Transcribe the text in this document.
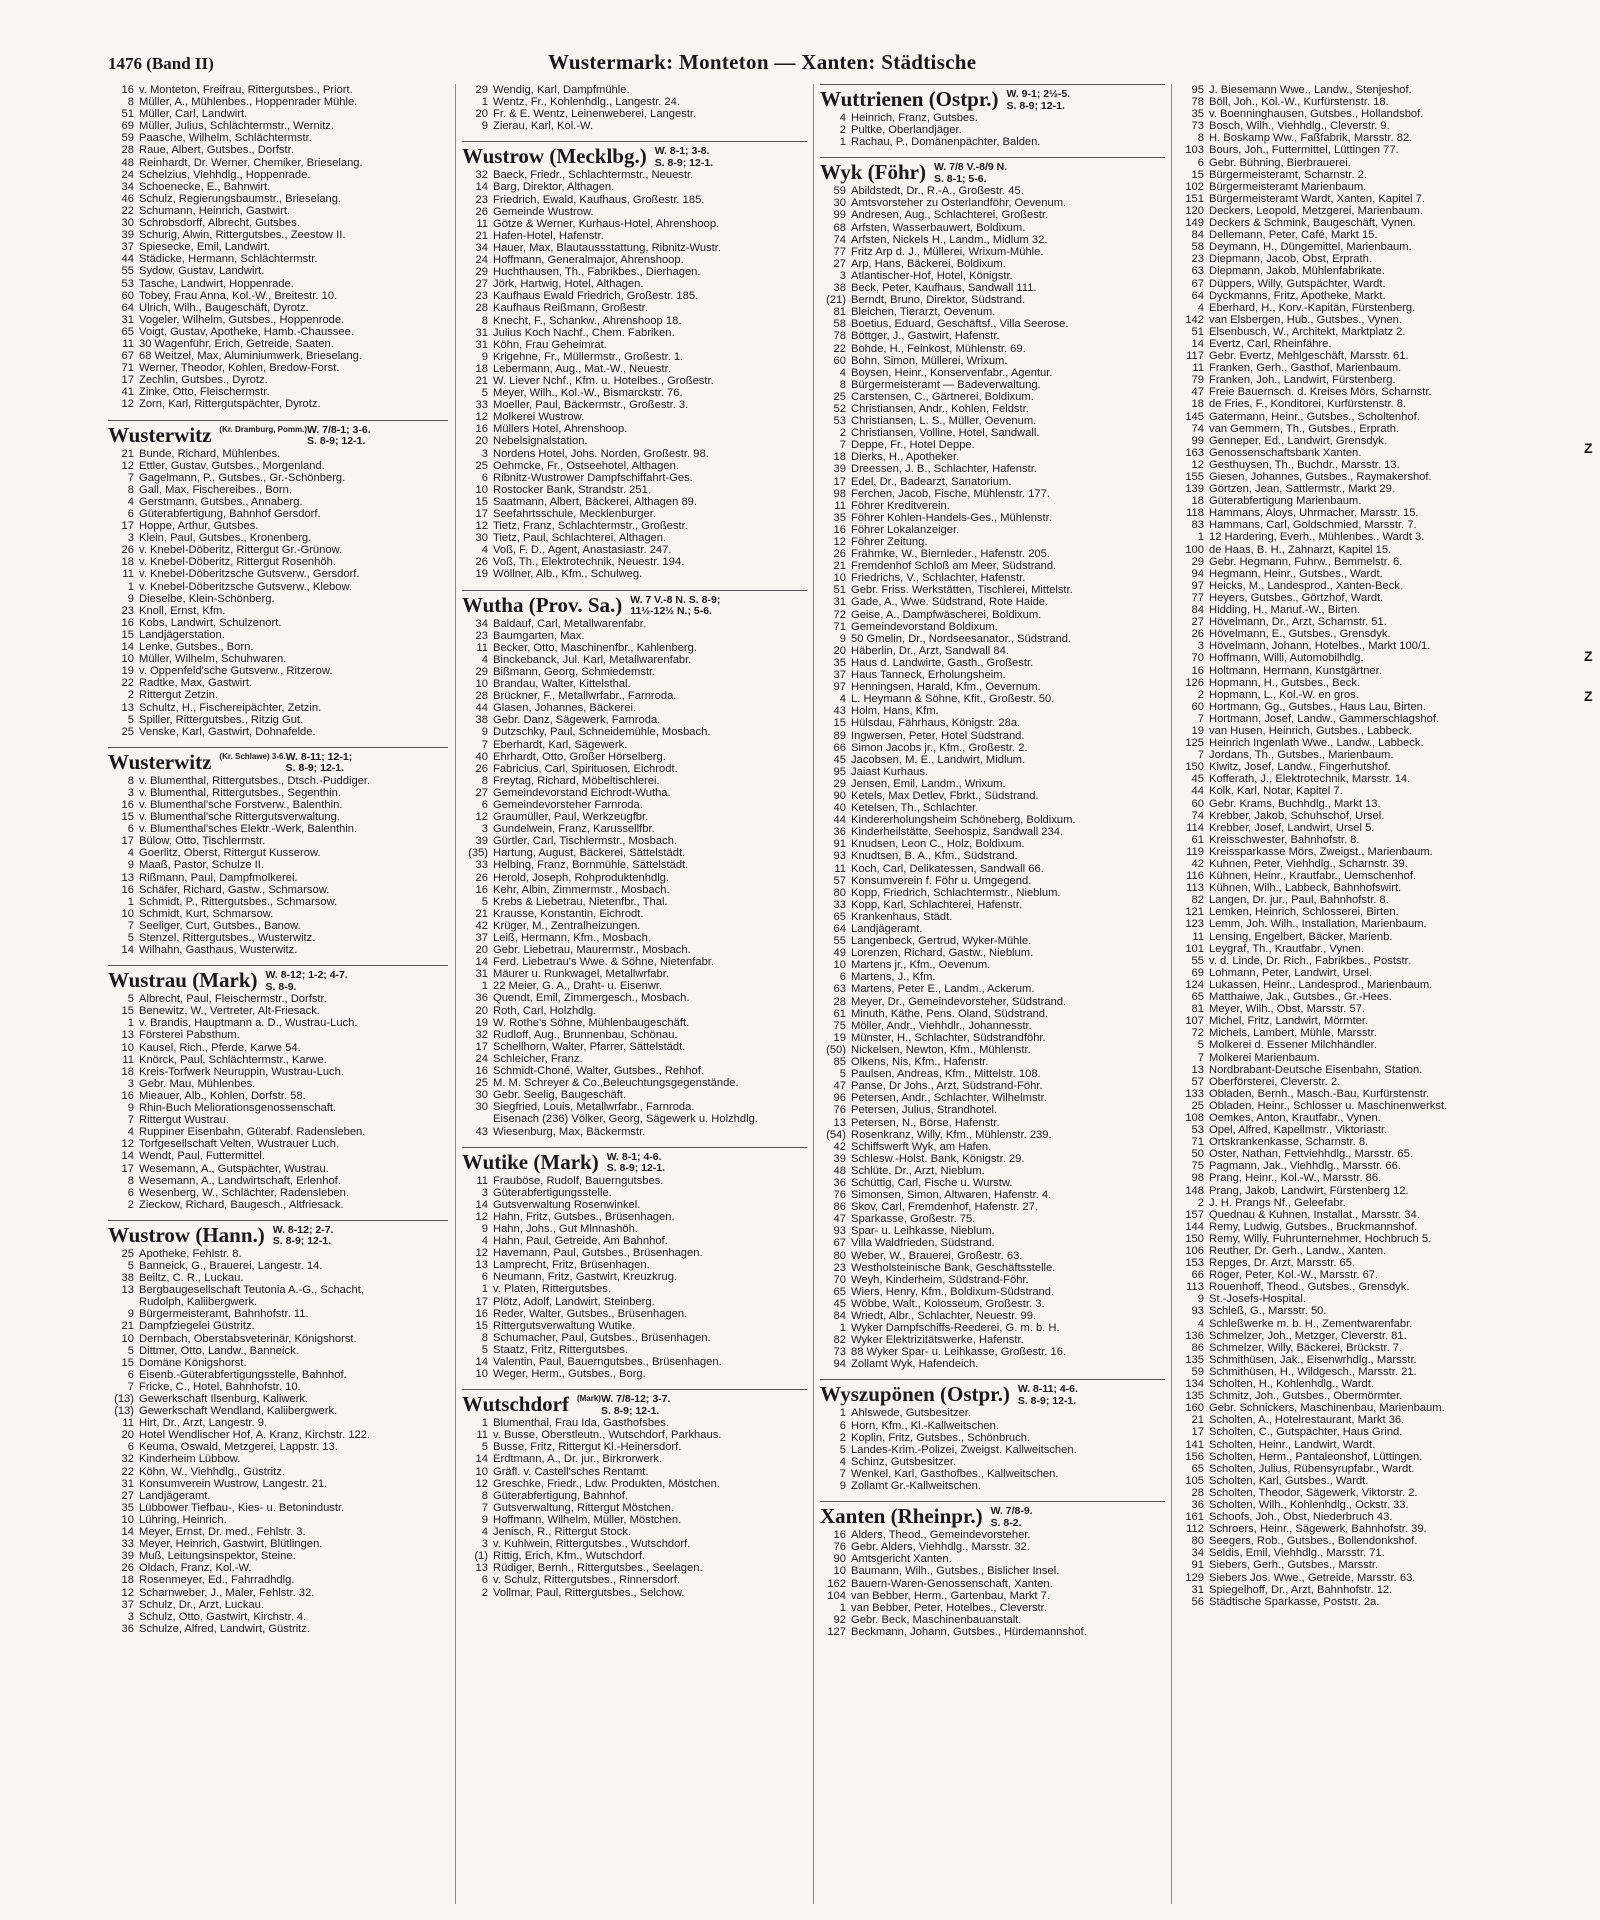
1476 (Band II)	Wustermark: Monteton — Xanten: Städtische
16 v. Monteton, Freifrau, Rittergutsbes., Priort.
8 Müller, A., Mühlenbes., Hoppenrader Mühle.
51 Müller, Carl, Landwirt.
69 Müller, Julius, Schlächtermstr., Wernitz.
59 Paasche, Wilhelm, Schlächtermstr.
28 Raue, Albert, Gutsbes., Dorfstr.
48 Reinhardt, Dr. Werner, Chemiker, Brieselang.
24 Schelzius, Viehhdlg., Hoppenrade.
34 Schoenecke, E., Bahnwirt.
46 Schulz, Regierungsbaumstr., Brieselang.
22 Schumann, Heinrich, Gastwirt.
30 Schrobsdorff, Albrecht, Gutsbes.
39 Schurig, Alwin, Rittergutsbes., Zeestow II.
37 Spiesecke, Emil, Landwirt.
44 Städicke, Hermann, Schlächtermstr.
55 Sydow, Gustav, Landwirt.
53 Tasche, Landwirt, Hoppenrade.
60 Tobey, Frau Anna, Kol.-W., Breitestr. 10.
64 Ulrich, Wilh., Baugeschäft, Dyrotz.
31 Vogeler, Wilhelm, Gutsbes., Hoppenrode.
65 Voigt, Gustav, Apotheke, Hamb.-Chaussee.
11 30 Wagenführ, Erich, Getreide, Saaten.
67 68 Weitzel, Max, Aluminiumwerk, Brieselang.
71 Werner, Theodor, Kohlen, Bredow-Forst.
17 Zechlin, Gutsbes., Dyrotz.
41 Zinke, Otto, Fleischermstr.
12 Zorn, Karl, Rittergutspächter, Dyrotz.
Wusterwitz (Kr. Dramburg, Pomm.) W. 7/8-1; 3-6.
S. 8-9; 12-1.
21 Bunde, Richard, Mühlenbes.
12 Ettler, Gustav, Gutsbes., Morgenland.
7 Gagelmann, P., Gutsbes., Gr.-Schönberg.
8 Gall, Max, Fischereibes., Born.
4 Gerstmann, Gutsbes., Annaberg.
6 Güterabfertigung, Bahnhof Gersdorf.
17 Hoppe, Arthur, Gutsbes.
3 Klein, Paul, Gutsbes., Kronenberg.
26 v. Knebel-Döberitz, Rittergut Gr.-Grünow.
18 v. Knebel-Döberitz, Rittergut Rosenhöh.
11 v. Knebel-Döberitzsche Gutsverw., Gersdorf.
1 v. Knebel-Döberitzsche Gutsverw., Klebow.
9 Dieselbe, Klein-Schönberg.
23 Knoll, Ernst, Kfm.
16 Kobs, Landwirt, Schulzenort.
15 Landjägerstation.
14 Lenke, Gutsbes., Born.
10 Müller, Wilhelm, Schuhwaren.
19 v. Oppenfeld'sche Gutsverw., Ritzerow.
22 Radtke, Max, Gastwirt.
2 Rittergut Zetzin.
13 Schultz, H., Fischereipächter, Zetzin.
5 Spiller, Rittergutsbes., Ritzig Gut.
25 Venske, Karl, Gastwirt, Dohnafelde.
Wusterwitz (Kr. Schlawe) 3-6. W. 8-11; 12-1;
S. 8-9; 12-1.
8 v. Blumenthal, Rittergutsbes., Dtsch.-Puddiger.
3 v. Blumenthal, Rittergutsbes., Segenthin.
16 v. Blumenthal'sche Forstverw., Balenthin.
15 v. Blumenthal'sche Rittergutsverwaltung.
6 v. Blumenthal'sches Elektr.-Werk, Balenthin.
17 Bülow, Otto, Tischlermstr.
4 Goerlitz, Oberst, Rittergut Kusserow.
9 Maaß, Pastor, Schulze II.
13 Rißmann, Paul, Dampfmolkerei.
16 Schäfer, Richard, Gastw., Schmarsow.
1 Schmidt, P., Rittergutsbes., Schmarsow.
10 Schmidt, Kurt, Schmarsow.
7 Seeliger, Curt, Gutsbes., Banow.
5 Stenzel, Rittergutsbes., Wusterwitz.
14 Wilhahn, Gasthaus, Wusterwitz.
Wustrau (Mark) W. 8-12; 1-2; 4-7.
S. 8-9.
5 Albrecht, Paul, Fleischermstr., Dorfstr.
15 Benewitz, W., Vertreter, Alt-Friesack.
1 v. Brandis, Hauptmann a. D., Wustrau-Luch.
13 Försterei Pabsthum.
10 Kausel, Rich., Pferde, Karwe 54.
11 Knörck, Paul, Schlächtermstr., Karwe.
18 Kreis-Torfwerk Neuruppin, Wustrau-Luch.
3 Gebr. Mau, Mühlenbes.
16 Mieauer, Alb., Kohlen, Dorfstr. 58.
9 Rhin-Buch Meliorationsgenossenschaft.
7 Rittergut Wustrau.
4 Ruppiner Eisenbahn, Güterabf. Radensleben.
12 Torfgesellschaft Velten, Wustrauer Luch.
14 Wendt, Paul, Futtermittel.
17 Wesemann, A., Gutspächter, Wustrau.
8 Wesemann, A., Landwirtschaft, Erlenhof.
6 Wesenberg, W., Schlächter, Radensleben.
2 Zieckow, Richard, Baugesch., Altfriesack.
Wustrow (Hann.) W. 8-12; 2-7.
S. 8-9; 12-1.
25 Apotheke, Fehlstr. 8.
5 Banneick, G., Brauerei, Langestr. 14.
38 Beiltz, C. R., Luckau.
13 Bergbaugesellschaft Teutonia A.-G., Schacht,
Rudolph, Kaliibergwerk.
9 Bürgermeisteramt, Bahnhofstr. 11.
21 Dampfziegelei Güstritz.
10 Dernbach, Oberstabsveterinär, Königshorst.
5 Dittmer, Otto, Landw., Banneick.
15 Domäne Königshorst.
6 Eisenb.-Güterabfertigungsstelle, Bahnhof.
7 Fricke, C., Hotel, Bahnhofstr. 10.
(13) Gewerkschaft Ilsenburg, Kaliwerk.
(13) Gewerkschaft Wendland, Kaliibergwerk.
11 Hirt, Dr., Arzt, Langestr. 9.
20 Hotel Wendlischer Hof, A. Kranz, Kirchstr. 122.
6 Keuma, Oswald, Metzgerei, Lappstr. 13.
32 Kinderheim Lübbow.
22 Köhn, W., Viehhdlg., Güstritz.
31 Konsumverein Wustrow, Langestr. 21.
27 Landjägeramt.
35 Lübbower Tiefbau-, Kies- u. Betonindustr.
10 Lühring, Heinrich.
14 Meyer, Ernst, Dr. med., Fehlstr. 3.
33 Meyer, Heinrich, Gastwirt, Blütlingen.
39 Muß, Leitungsinspektor, Steine.
26 Oldach, Franz, Kol.-W.
18 Rosenmeyer, Ed., Fahrradhdlg.
12 Scharnweber, J., Maler, Fehlstr. 32.
37 Schulz, Dr., Arzt, Luckau.
3 Schulz, Otto, Gastwirt, Kirchstr. 4.
36 Schulze, Alfred, Landwirt, Güstritz.
29 Wendig, Karl, Dampfmühle.
1 Wentz, Fr., Kohlenhdlg., Langestr. 24.
20 Fr. & E. Wentz, Leinenweberei, Langestr.
9 Zierau, Karl, Kol.-W.
Wustrow (Mecklbg.) W. 8-1; 3-8.
S. 8-9; 12-1.
32 Baeck, Friedr., Schlachtermstr., Neuestr.
14 Barg, Direktor, Althagen.
23 Friedrich, Ewald, Kaufhaus, Großestr. 185.
26 Gemeinde Wustrow.
11 Götze & Werner, Kurhaus-Hotel, Ahrenshoop.
21 Hafen-Hotel, Hafenstr.
34 Hauer, Max, Blautaussstattung, Ribnitz-Wustr.
24 Hoffmann, Generalmajor, Ahrenshoop.
29 Huchthausen, Th., Fabrikbes., Dierhagen.
27 Jörk, Hartwig, Hotel, Althagen.
23 Kaufhaus Ewald Friedrich, Großestr. 185.
28 Kaufhaus Reißmann, Großestr.
8 Knecht, F., Schankw., Ahrenshoop 18.
31 Julius Koch Nachf., Chem. Fabriken.
31 Köhn, Frau Geheimrat.
9 Krigehne, Fr., Müllermstr., Großestr. 1.
18 Lebermann, Aug., Mat.-W., Neuestr.
21 W. Liever Nchf., Kfm. u. Hotelbes., Großestr.
5 Meyer, Wilh., Kol.-W., Bismarckstr. 76.
33 Moeller, Paul, Bäckermstr., Großestr. 3.
12 Molkerei Wustrow.
16 Müllers Hotel, Ahrenshoop.
20 Nebelsignalstation.
3 Nordens Hotel, Johs. Norden, Großestr. 98.
25 Oehmcke, Fr., Ostseehotel, Althagen.
6 Ribnitz-Wustrower Dampfschiffahrt-Ges.
10 Rostocker Bank, Strandstr. 251.
15 Saatmann, Albert, Bäckerei, Althagen 89.
17 Seefahrtsschule, Mecklenburger.
12 Tietz, Franz, Schlachtermstr., Großestr.
30 Tietz, Paul, Schlachterei, Althagen.
4 Voß, F. D., Agent, Anastasiastr. 247.
26 Voß, Th., Elektrotechnik, Neuestr. 194.
19 Wöllner, Alb., Kfm., Schulweg.
Wutha (Prov. Sa.) W. 7 V.-8 N. S. 8-9;
11½-12½ N.; 5-6.
34 Baldauf, Carl, Metallwarenfabr.
23 Baumgarten, Max.
11 Becker, Otto, Maschinenfbr., Kahlenberg.
4 Binckebanck, Jul. Karl, Metallwarenfabr.
29 Bißmann, Georg, Schmiedemstr.
10 Brandau, Walter, Kittelsthal.
28 Brückner, F., Metallwrfabr., Farnroda.
44 Glasen, Johannes, Bäckerei.
38 Gebr. Danz, Sägewerk, Farnroda.
9 Dutzschky, Paul, Schneidemühle, Mosbach.
7 Eberhardt, Karl, Sägewerk.
40 Ehrhardt, Otto, Großer Hörselberg.
26 Fabricius, Carl, Spirituosen, Eichrodt.
8 Freytag, Richard, Möbeltischlerei.
27 Gemeindevorstand Eichrodt-Wutha.
6 Gemeindevorsteher Farnroda.
12 Graumüller, Paul, Werkzeugfbr.
3 Gundelwein, Franz, Karussellfbr.
39 Gürtler, Carl, Tischlermstr., Mosbach.
(35) Hartung, August, Bäckerei, Sättelstädt.
33 Helbing, Franz, Bornmühle, Sättelstädt.
26 Herold, Joseph, Rohproduktenhdlg.
16 Kehr, Albin, Zimmermstr., Mosbach.
5 Krebs & Liebetrau, Nietenfbr., Thal.
21 Krausse, Konstantin, Eichrodt.
42 Krüger, M., Zentralheizungen.
37 Leiß, Hermann, Kfm., Mosbach.
20 Gebr. Liebetrau, Maurermstr., Mosbach.
14 Ferd. Liebetrau's Wwe. & Söhne, Nietenfabr.
31 Mäurer u. Runkwagel, Metallwrfabr.
1 22 Meier, G. A., Draht- u. Eisenwr.
36 Quendt, Emil, Zimmergesch., Mosbach.
20 Roth, Carl, Holzhdlg.
19 W. Rothe's Söhne, Mühlenbaugeschäft.
32 Rudloff, Aug., Brunnenbau, Schönau.
17 Schellhorn, Walter, Pfarrer, Sättelstädt.
24 Schleicher, Franz.
16 Schmidt-Choné, Walter, Gutsbes., Rehhof.
25 M. M. Schreyer & Co.,Beleuchtungsgegenstände.
30 Gebr. Seelig, Baugeschäft.
30 Siegfried, Louis, Metallwrfabr., Farnroda.
Eisenach (236) Völker, Georg, Sägewerk u. Holzhdlg.
43 Wiesenburg, Max, Bäckermstr.
Wutike (Mark) W. 8-1; 4-6.
S. 8-9; 12-1.
11 Frauböse, Rudolf, Bauerngutsbes.
3 Güterabfertigungsstelle.
14 Gutsverwaltung Rosenwinkel.
12 Hahn, Fritz, Gutsbes., Brüsenhagen.
9 Hahn, Johs., Gut Mlnnashöh.
4 Hahn, Paul, Getreide, Am Bahnhof.
12 Havemann, Paul, Gutsbes., Brüsenhagen.
13 Lamprecht, Fritz, Brüsenhagen.
6 Neumann, Fritz, Gastwirt, Kreuzkrug.
1 v. Platen, Rittergutsbes.
17 Plötz, Adolf, Landwirt, Steinberg.
16 Reder, Walter, Gutsbes., Brüsenhagen.
15 Rittergutsverwaltung Wutike.
8 Schumacher, Paul, Gutsbes., Brüsenhagen.
5 Staatz, Fritz, Rittergutsbes.
14 Valentin, Paul, Bauerngutsbes., Brüsenhagen.
10 Weger, Herm., Gutsbes., Borg.
Wutschdorf (Mark) W. 7/8-12; 3-7.
S. 8-9; 12-1.
1 Blumenthal, Frau Ida, Gasthofsbes.
11 v. Busse, Oberstleutn., Wutschdorf, Parkhaus.
5 Busse, Fritz, Rittergut Kl.-Heinersdorf.
14 Erdtmann, A., Dr. jur., Birkrorwerk.
10 Gräfl. v. Castell'sches Rentamt.
12 Greschke, Friedr., Ldw. Produkten, Möstchen.
8 Güterabfertigung, Bahnhof.
7 Gutsverwaltung, Rittergut Möstchen.
9 Hoffmann, Wilhelm, Müller, Möstchen.
4 Jenisch, R., Rittergut Stock.
3 v. Kuhlwein, Rittergutsbes., Wutschdorf.
(1) Rittig, Erich, Kfm., Wutschdorf.
13 Rüdiger, Bernh., Rittergutsbes., Seelagen.
6 v. Schulz, Rittergutsbes., Rinnersdorf.
2 Vollmar, Paul, Rittergutsbes., Selchow.
Wuttrienen (Ostpr.) W. 9-1; 2½-5.
S. 8-9; 12-1.
4 Heinrich, Franz, Gutsbes.
2 Pultke, Oberlandjäger.
1 Rachau, P., Domänenpächter, Balden.
Wyk (Föhr) W. 7/8 V.-8/9 N.
S. 8-1; 5-6.
59 Abildstedt, Dr., R.-A., Großestr. 45.
30 Amtsvorsteher zu Osterlandföhr, Oevenum.
99 Andresen, Aug., Schlachterei, Großestr.
68 Arfsten, Wasserbauwert, Boldixum.
74 Arfsten, Nickels H., Landm., Midlum 32.
77 Fritz Arp d. J., Müllerei, Wrixum-Mühle.
27 Arp, Hans, Bäckerei, Boldixum.
3 Atlantischer-Hof, Hotel, Königstr.
38 Beck, Peter, Kaufhaus, Sandwall 111.
(21) Berndt, Bruno, Direktor, Südstrand.
81 Bleichen, Tierarzt, Oevenum.
58 Boetius, Eduard, Geschäftsf., Villa Seerose.
78 Böttger, J., Gastwirt, Hafenstr.
22 Bohde, H., Feinkost, Mühlenstr. 69.
60 Bohn, Simon, Müllerei, Wrixum.
4 Boysen, Heinr., Konservenfabr., Agentur.
8 Bürgermeisteramt — Badeverwaltung.
25 Carstensen, C., Gärtnerei, Boldixum.
52 Christiansen, Andr., Kohlen, Feldstr.
53 Christiansen, L. S., Müller, Oevenum.
2 Christiansen, Volline, Hotel, Sandwall.
7 Deppe, Fr., Hotel Deppe.
18 Dierks, H., Apotheker.
39 Dreessen, J. B., Schlachter, Hafenstr.
17 Edel, Dr., Badearzt, Sanatorium.
98 Ferchen, Jacob, Fische, Mühlenstr. 177.
11 Föhrer Kreditverein.
35 Föhrer Kohlen-Handels-Ges., Mühlenstr.
16 Föhrer Lokalanzeiger.
12 Föhrer Zeitung.
26 Frähmke, W., Biernleder., Hafenstr. 205.
21 Fremdenhof Schloß am Meer, Südstrand.
10 Friedrichs, V., Schlachter, Hafenstr.
51 Gebr. Friss. Werkstätten, Tischlerei, Mittelstr.
31 Gade, A., Wwe. Südstrand, Rote Haide.
72 Geise, A., Dampfwäscherei, Boldixum.
71 Gemeindevorstand Boldixum.
9 50 Gmelin, Dr., Nordseesanator., Südstrand.
20 Häberlin, Dr., Arzt, Sandwall 84.
35 Haus d. Landwirte, Gasth., Großestr.
37 Haus Tanneck, Erholungsheim.
97 Henningsen, Harald, Kfm., Oevernum.
4 L. Heymann & Söhne, Kfit., Großestr. 50.
43 Holm, Hans, Kfm.
15 Hülsdau, Fährhaus, Königstr. 28a.
89 Ingwersen, Peter, Hotel Südstrand.
66 Simon Jacobs jr., Kfm., Großestr. 2.
45 Jacobsen, M. E., Landwirt, Midlum.
95 Jaiast Kurhaus.
29 Jensen, Emil, Landm., Wrixum.
90 Ketels, Max Detlev, Fbrkt., Südstrand.
40 Ketelsen, Th., Schlachter.
44 Kindererholungsheim Schöneberg, Boldixum.
36 Kinderheilstätte, Seehospiz, Sandwall 234.
91 Knudsen, Leon C., Holz, Boldixum.
93 Knudtsen, B. A., Kfm., Südstrand.
11 Koch, Carl, Delikatessen, Sandwall 66.
57 Konsumverein f. Föhr u. Umgegend.
80 Kopp, Friedrich, Schlachtermstr., Nieblum.
33 Kopp, Karl, Schlachterei, Hafenstr.
65 Krankenhaus, Städt.
64 Landjägeramt.
55 Langenbeck, Gertrud, Wyker-Mühle.
49 Lorenzen, Richard, Gastw., Nieblum.
10 Martens jr., Kfm., Oevenum.
6 Martens, J., Kfm.
63 Martens, Peter E., Landm., Ackerum.
28 Meyer, Dr., Gemeindevorsteher, Südstrand.
61 Minuth, Käthe, Pens. Oland, Südstrand.
75 Möller, Andr., Viehhdlr., Johannesstr.
19 Münster, H., Schlachter, Südstrandföhr.
(50) Nickelsen, Newton, Kfm., Mühlenstr.
85 Olkens, Nis, Kfm., Hafenstr.
5 Paulsen, Andreas, Kfm., Mittelstr. 108.
47 Panse, Dr Johs., Arzt, Südstrand-Föhr.
96 Petersen, Andr., Schlachter, Wilhelmstr.
76 Petersen, Julius, Strandhotel.
13 Petersen, N., Börse, Hafenstr.
(54) Rosenkranz, Willy, Kfm., Mühlenstr. 239.
42 Schiffswerft Wyk, am Hafen.
39 Schlesw.-Holst. Bank, Königstr. 29.
48 Schlüte, Dr., Arzt, Nieblum.
36 Schüttig, Carl, Fische u. Wurstw.
76 Simonsen, Simon, Altwaren, Hafenstr. 4.
86 Skov, Carl, Fremdenhof, Hafenstr. 27.
47 Sparkasse, Großestr. 75.
93 Spar- u. Leihkasse, Nieblum.
67 Villa Waldfrieden, Südstrand.
80 Weber, W., Brauerei, Großestr. 63.
23 Westholsteinische Bank, Geschäftsstelle.
70 Weyh, Kinderheim, Südstrand-Föhr.
65 Wiers, Henry, Kfm., Boldixum-Südstrand.
45 Wöbbe, Walt., Kolosseum, Großestr. 3.
84 Wriedt, Albr., Schlachter, Neuestr. 99.
1 Wyker Dampfschiffs-Reederei, G. m. b. H.
82 Wyker Elektrizitätswerke, Hafenstr.
73 88 Wyker Spar- u. Leihkasse, Großestr. 16.
94 Zollamt Wyk, Hafendeich.
Wyszupönen (Ostpr.) W. 8-11; 4-6.
S. 8-9; 12-1.
1 Ahlswede, Gutsbesitzer.
6 Horn, Kfm., Kl.-Kallweitschen.
2 Koplin, Fritz, Gutsbes., Schönbruch.
5 Landes-Krim.-Polizei, Zweigst. Kallweitschen.
4 Schinz, Gutsbesitzer.
7 Wenkel, Karl, Gasthofbes., Kallweitschen.
9 Zollamt Gr.-Kallweitschen.
Xanten (Rheinpr.) W. 7/8-9.
S. 8-2.
16 Alders, Theod., Gemeindevorsteher.
76 Gebr. Alders, Viehhdlg., Marsstr. 32.
90 Amtsgericht Xanten.
10 Baumann, Wilh., Gutsbes., Bislicher Insel.
162 Bauern-Waren-Genossenschaft, Xanten.
104 van Bebber, Herm., Gartenbau, Markt 7.
1 van Bebber, Peter, Hotelbes., Cleverstr.
92 Gebr. Beck, Maschinenbauanstalt.
127 Beckmann, Johann, Gutsbes., Hürdemannshof.
95 J. Biesemann Wwe., Landw., Stenjeshof.
78 Böll, Joh., Kol.-W., Kurfürstenstr. 18.
35 v. Boenninghausen, Gutsbes., Hollandsbof.
73 Bosch, Wilh., Viehhdlg., Cleverstr. 9.
8 H. Boskamp Ww., Faßfabrik, Marsstr. 82.
103 Bours, Joh., Futtermittel, Lüttingen 77.
6 Gebr. Bühning, Bierbrauerei.
15 Bürgermeisteramt, Scharnstr. 2.
102 Bürgermeisteramt Marienbaum.
151 Bürgermeisteramt Wardt, Xanten, Kapitel 7.
120 Deckers, Leopold, Metzgerei, Marienbaum.
149 Deckers & Schmink, Baugeschäft, Vynen.
84 Dellemann, Peter, Café, Markt 15.
58 Deymann, H., Düngemittel, Marienbaum.
23 Diepmann, Jacob, Obst, Erprath.
63 Diepmann, Jakob, Mühlenfabrikate.
67 Düppers, Willy, Gutspächter, Wardt.
64 Dyckmanns, Fritz, Apotheke, Markt.
4 Eberhard, H., Korv.-Kapitän, Fürstenberg.
142 van Elsbergen, Hub., Gutsbes., Vynen.
51 Elsenbusch, W., Architekt, Marktplatz 2.
14 Evertz, Carl, Rheinfähre.
117 Gebr. Evertz, Mehlgeschäft, Marsstr. 61.
11 Franken, Gerh., Gasthof, Marienbaum.
79 Franken, Joh., Landwirt, Fürstenberg.
47 Freie Bauernsch. d. Kreises Mörs, Scharnstr.
18 de Fries, F., Konditorei, Kurfürstenstr. 8.
145 Gatermann, Heinr., Gutsbes., Scholtenhof.
74 van Gemmern, Th., Gutsbes., Erprath.
99 Genneper, Ed., Landwirt, Grensdyk.
163 Genossenschaftsbank Xanten.
12 Gesthuysen, Th., Buchdr., Marsstr. 13.
155 Giesen, Johannes, Gutsbes., Raymakershof.
139 Görtzen, Jean, Sattlermstr., Markt 29.
18 Güterabfertigung Marienbaum.
118 Hammans, Aloys, Uhrmacher, Marsstr. 15.
83 Hammans, Carl, Goldschmied, Marsstr. 7.
1 12 Hardering, Everh., Mühlenbes., Wardt 3.
100 de Haas, B. H., Zahnarzt, Kapitel 15.
29 Gebr. Hegmann, Fuhrw., Bemmelstr. 6.
94 Hegmann, Heinr., Gutsbes., Wardt.
97 Heicks, M., Landesprod., Xanten-Beck.
77 Heyers, Gutsbes., Görtzhof, Wardt.
84 Hidding, H., Manuf.-W., Birten.
27 Hövelmann, Dr., Arzt, Scharnstr. 51.
26 Hövelmann, E., Gutsbes., Grensdyk.
3 Hövelmann, Johann, Hotelbes., Markt 100/1.
70 Hoffmann, Willi, Automobilhdlg.
16 Holtmann, Hermann, Kunstgärtner.
126 Hopmann, H., Gutsbes., Beck.
2 Hopmann, L., Kol.-W. en gros.
60 Hortmann, Gg., Gutsbes., Haus Lau, Birten.
7 Hortmann, Josef, Landw., Gammerschlagshof.
19 van Husen, Heinrich, Gutsbes., Labbeck.
125 Heinrich Ingenlath Wwe., Landw., Labbeck.
7 Jordans, Th., Gutsbes., Marienbaum.
150 Kiwitz, Josef, Landw., Fingerhutshof.
45 Kofferath, J., Elektrotechnik, Marsstr. 14.
44 Kolk, Karl, Notar, Kapitel 7.
60 Gebr. Krams, Buchhdlg., Markt 13.
74 Krebber, Jakob, Schuhschof, Ursel.
114 Krebber, Josef, Landwirt, Ursel 5.
61 Kreisschwester, Bahnhofstr. 8.
119 Kreissparkasse Mörs, Zweigst., Marienbaum.
42 Kuhnen, Peter, Viehhdlg., Scharnstr. 39.
116 Kühnen, Heinr., Krautfabr., Uemschenhof.
113 Kühnen, Wilh., Labbeck, Bahnhofswirt.
82 Langen, Dr. jur., Paul, Bahnhofstr. 8.
121 Lemken, Heinrich, Schlosserei, Birten.
123 Lemm, Joh. Wilh., Installation, Marienbaum.
11 Lensing, Engelbert, Bäcker, Marienb.
101 Leygraf, Th., Krautfabr., Vynen.
55 v. d. Linde, Dr. Rich., Fabrikbes., Poststr.
69 Lohmann, Peter, Landwirt, Ursel.
124 Lukassen, Heinr., Landesprod., Marienbaum.
65 Matthaiwe, Jak., Gutsbes., Gr.-Hees.
81 Meyer, Wilh., Obst, Marsstr. 57.
107 Michel, Fritz, Landwirt, Mörmter.
72 Michels, Lambert, Mühle, Marsstr.
5 Molkerei d. Essener Milchhändler.
7 Molkerei Marienbaum.
13 Nordbrabant-Deutsche Eisenbahn, Station.
57 Oberförsterei, Cleverstr. 2.
133 Obladen, Bernh., Masch.-Bau, Kurfürstenstr.
25 Obladen, Heinr., Schlosser u. Maschinenwerkst.
108 Oemkes, Anton, Krautfabr., Vynen.
53 Opel, Alfred, Kapellmstr., Viktoriastr.
71 Ortskrankenkasse, Scharnstr. 8.
50 Oster, Nathan, Fettviehhdlg., Marsstr. 65.
75 Pagmann, Jak., Viehhdlg., Marsstr. 66.
98 Prang, Heinr., Kol.-W., Marsstr. 86.
148 Prang, Jakob, Landwirt, Fürstenberg 12.
2 J. H. Prangs Nf., Geleefabr.
157 Quednau & Kuhnen, Installat., Marsstr. 34.
144 Remy, Ludwig, Gutsbes., Bruckmannshof.
150 Remy, Willy, Fuhrunternehmer, Hochbruch 5.
106 Reuther, Dr. Gerh., Landw., Xanten.
153 Repges, Dr. Arzt, Marsstr. 65.
66 Röger, Peter, Kol.-W., Marsstr. 67.
113 Rouenhoff, Theod., Gutsbes., Grensdyk.
9 St.-Josefs-Hospital.
93 Schleß, G., Marsstr. 50.
4 Schleßwerke m. b. H., Zementwarenfabr.
136 Schmelzer, Joh., Metzger, Cleverstr. 81.
86 Schmelzer, Willy, Bäckerei, Brückstr. 7.
135 Schmithüsen, Jak., Eisenwrhdlg., Marsstr.
59 Schmithüsen, H., Wildgesch., Marsstr. 21.
134 Scholten, H., Kohlenhdlg., Wardt.
135 Schmitz, Joh., Gutsbes., Obermörmter.
160 Gebr. Schnickers, Maschinenbau, Marienbaum.
21 Scholten, A., Hotelrestaurant, Markt 36.
17 Scholten, C., Gutspächter, Haus Grind.
141 Scholten, Heinr., Landwirt, Wardt.
156 Scholten, Herm., Pantaleonshof, Lüttingen.
65 Scholten, Julius, Rübensyrupfabr., Wardt.
105 Scholten, Karl, Gutsbes., Wardt.
28 Scholten, Theodor, Sägewerk, Viktorstr. 2.
36 Scholten, Wilh., Kohlenhdlg., Ockstr. 33.
161 Schoofs, Joh., Obst, Niederbruch 43.
112 Schroers, Heinr., Sägewerk, Bahnhofstr. 39.
80 Seegers, Rob., Gutsbes., Bollendonkshof.
34 Seldis, Emil, Viehhdlg., Marsstr. 71.
91 Siebers, Gerh., Gutsbes., Marsstr.
129 Siebers Jos. Wwe., Getreide, Marsstr. 63.
31 Spiegelhoff, Dr., Arzt, Bahnhofstr. 12.
56 Städtische Sparkasse, Poststr. 2a.
Z
Z
Z
